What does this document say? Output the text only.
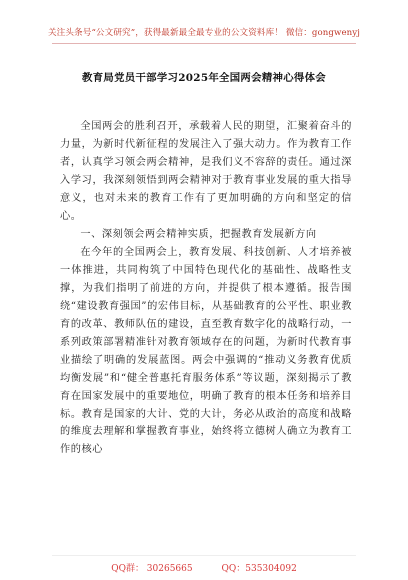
关注头条号“公文研究”，获得最新最全最专业的公文资料库！ 微信：gongwenyj
教育局党员干部学习2025年全国两会精神心得体会

全国两会的胜利召开，承载着人民的期望，汇聚着奋斗的力量，为新时代新征程的发展注入了强大动力。作为教育工作者，认真学习领会两会精神，是我们义不容辞的责任。通过深入学习，我深刻领悟到两会精神对于教育事业发展的重大指导意义，也对未来的教育工作有了更加明确的方向和坚定的信心。

一、深刻领会两会精神实质，把握教育发展新方向

在今年的全国两会上，教育发展、科技创新、人才培养被一体推进，共同构筑了中国特色现代化的基础性、战略性支撑，为我们指明了前进的方向，并提供了根本遵循。报告围绕“建设教育强国”的宏伟目标，从基础教育的公平性、职业教育的改革、教师队伍的建设，直至教育数字化的战略行动，一系列政策部署精准针对教育领域存在的问题，为新时代教育事业描绘了明确的发展蓝图。两会中强调的“推动义务教育优质均衡发展”和“健全普惠托育服务体系”等议题，深刻揭示了教育在国家发展中的重要地位，明确了教育的根本任务和培养目标。教育是国家的大计、党的大计，务必从政治的高度和战略的维度去理解和掌握教育事业，始终将立德树人确立为教育工作的核心

QQ群： 30265665	QQ：535304092
